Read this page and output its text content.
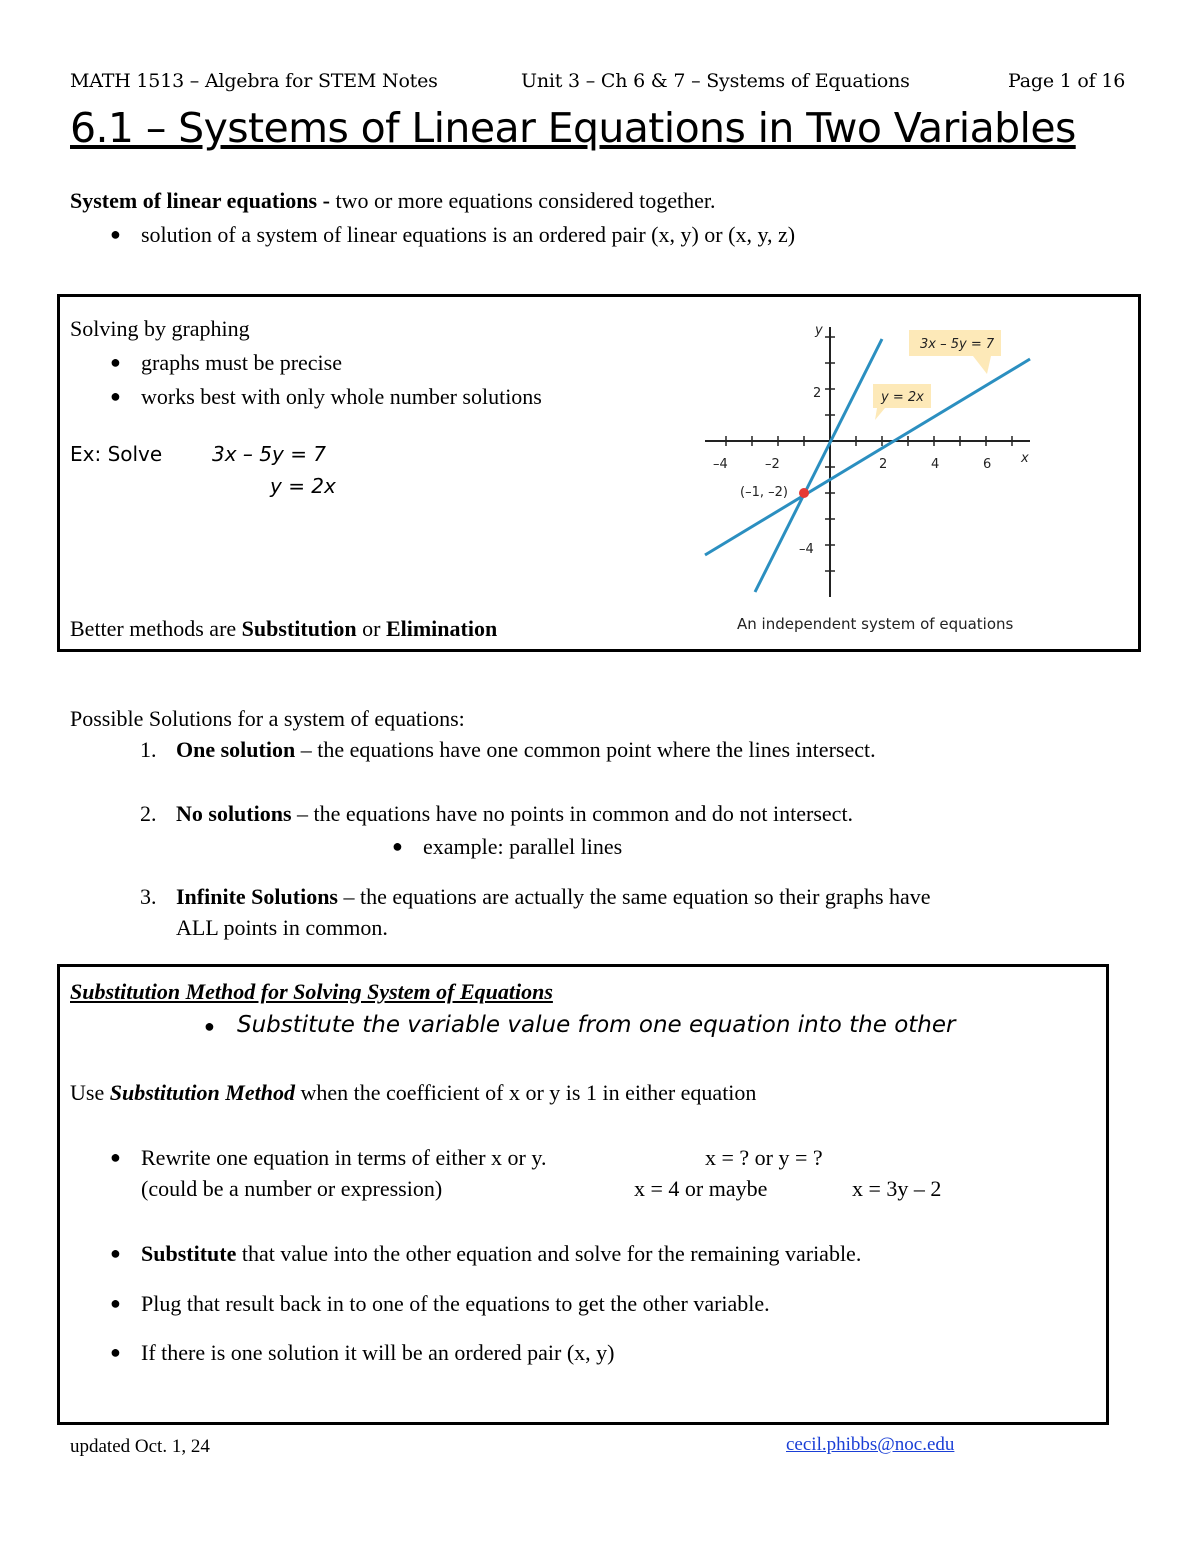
MATH 1513 – Algebra for STEM Notes	Unit 3 – Ch 6 & 7 – Systems of Equations	Page 1 of 16
6.1 – Systems of Linear Equations in Two Variables
System of linear equations - two or more equations considered together.
● solution of a system of linear equations is an ordered pair (x, y) or (x, y, z)
Solving by graphing
● graphs must be precise
● works best with only whole number solutions
Ex: Solve 3x – 5y = 7
y = 2x
Better methods are Substitution or Elimination
y
x
–4	–2	2	4	6
2
–4
(–1, –2)
3x – 5y = 7
y = 2x
An independent system of equations
Possible Solutions for a system of equations:
1. One solution – the equations have one common point where the lines intersect.
2. No solutions – the equations have no points in common and do not intersect.
● example: parallel lines
3. Infinite Solutions – the equations are actually the same equation so their graphs have
ALL points in common.
Substitution Method for Solving System of Equations
● Substitute the variable value from one equation into the other
Use Substitution Method when the coefficient of x or y is 1 in either equation
● Rewrite one equation in terms of either x or y.	x = ? or y = ?
(could be a number or expression)	x = 4 or maybe	x = 3y – 2
● Substitute that value into the other equation and solve for the remaining variable.
● Plug that result back in to one of the equations to get the other variable.
● If there is one solution it will be an ordered pair (x, y)
updated Oct. 1, 24	cecil.phibbs@noc.edu
